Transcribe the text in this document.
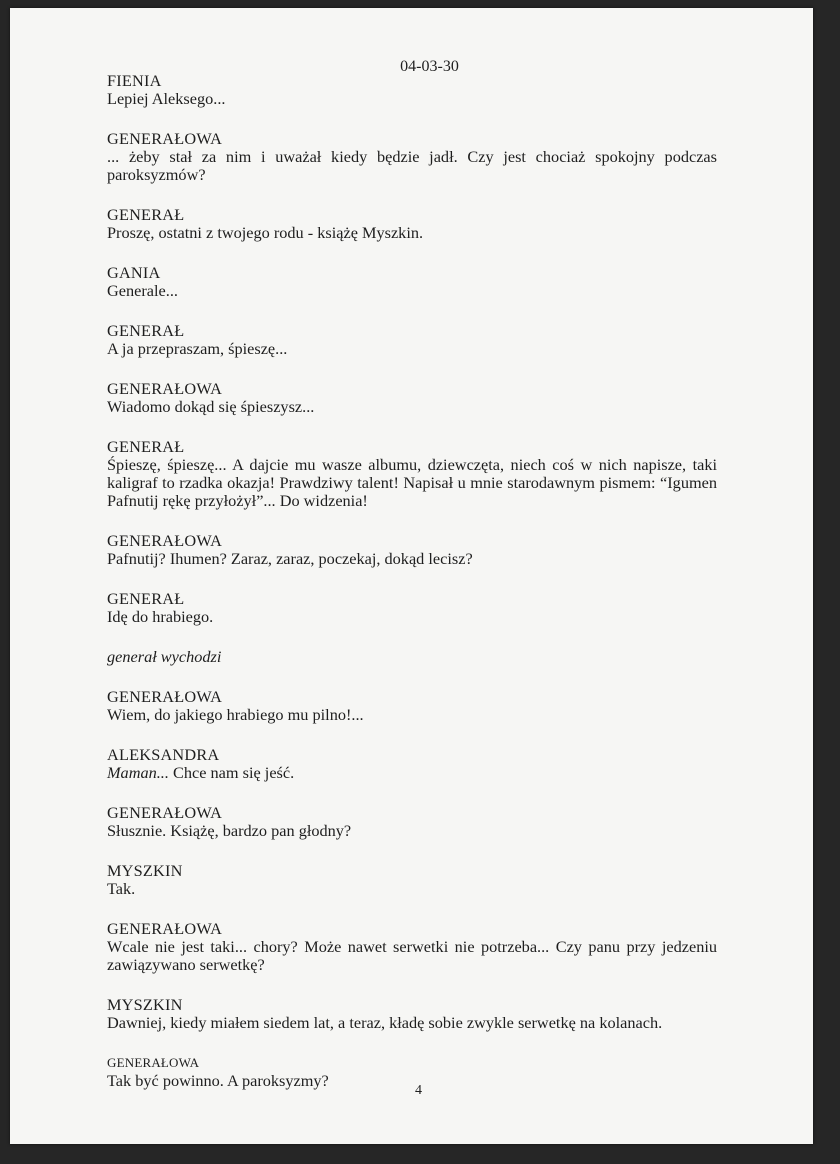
04-03-30
FIENIA
Lepiej Aleksego...
GENERAŁOWA
... żeby stał za nim i uważał kiedy będzie jadł. Czy jest chociaż spokojny podczas paroksyzmów?
GENERAŁ
Proszę, ostatni z twojego rodu - książę Myszkin.
GANIA
Generale...
GENERAŁ
A ja przepraszam, śpieszę...
GENERAŁOWA
Wiadomo dokąd się śpieszysz...
GENERAŁ
Śpieszę, śpieszę... A dajcie mu wasze albumu, dziewczęta, niech coś w nich napisze, taki kaligraf to rzadka okazja! Prawdziwy talent! Napisał u mnie starodawnym pismem: “Igumen Pafnutij rękę przyłożył”... Do widzenia!
GENERAŁOWA
Pafnutij? Ihumen? Zaraz, zaraz, poczekaj, dokąd lecisz?
GENERAŁ
Idę do hrabiego.
generał wychodzi
GENERAŁOWA
Wiem, do jakiego hrabiego mu pilno!...
ALEKSANDRA
Maman... Chce nam się jeść.
GENERAŁOWA
Słusznie. Książę, bardzo pan głodny?
MYSZKIN
Tak.
GENERAŁOWA
Wcale nie jest taki... chory? Może nawet serwetki nie potrzeba... Czy panu przy jedzeniu zawiązywano serwetkę?
MYSZKIN
Dawniej, kiedy miałem siedem lat, a teraz, kładę sobie zwykle serwetkę na kolanach.
GENERAŁOWA
Tak być powinno. A paroksyzmy?
4
